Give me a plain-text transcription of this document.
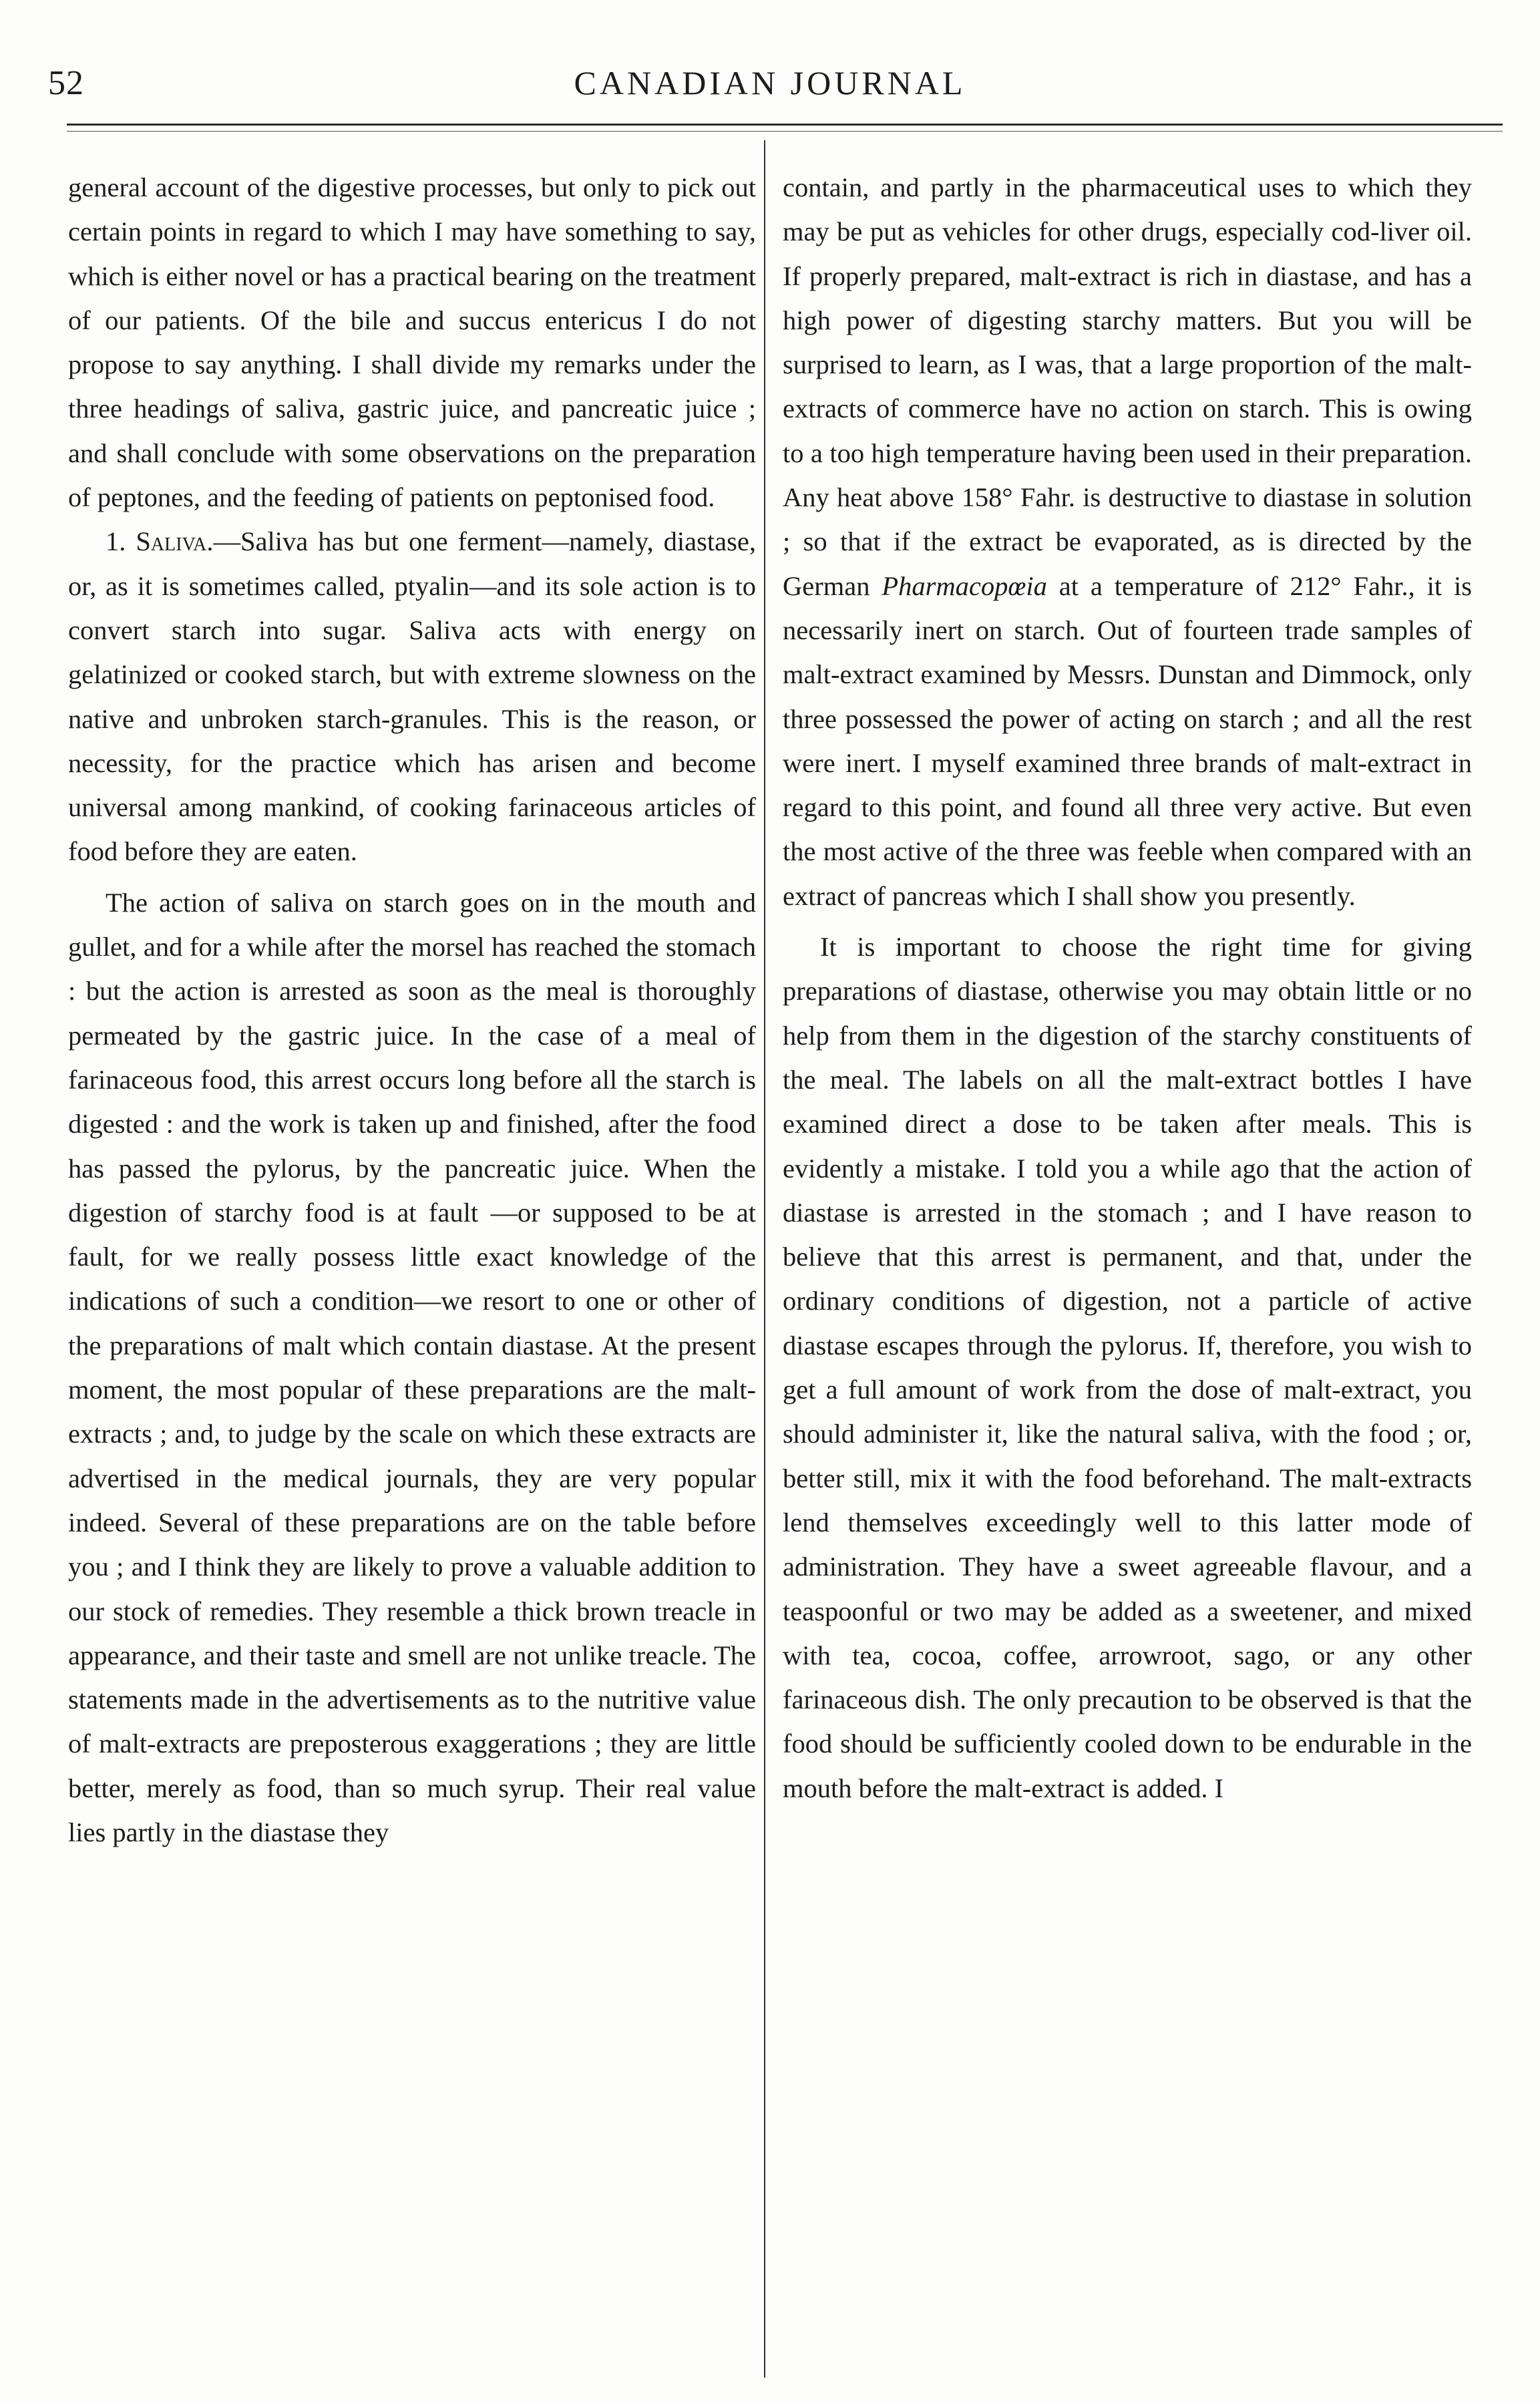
52	CANADIAN JOURNAL

general account of the digestive processes, but only to pick out certain points in regard to which I may have something to say, which is either novel or has a practical bearing on the treatment of our patients. Of the bile and succus entericus I do not propose to say anything. I shall divide my remarks under the three headings of saliva, gastric juice, and pancreatic juice ; and shall conclude with some observations on the preparation of peptones, and the feeding of patients on peptonised food.

1. Saliva.—Saliva has but one ferment—namely, diastase, or, as it is sometimes called, ptyalin—and its sole action is to convert starch into sugar. Saliva acts with energy on gelatinized or cooked starch, but with extreme slowness on the native and unbroken starch-granules. This is the reason, or necessity, for the practice which has arisen and become universal among mankind, of cooking farinaceous articles of food before they are eaten.

The action of saliva on starch goes on in the mouth and gullet, and for a while after the morsel has reached the stomach : but the action is arrested as soon as the meal is thoroughly permeated by the gastric juice. In the case of a meal of farinaceous food, this arrest occurs long before all the starch is digested : and the work is taken up and finished, after the food has passed the pylorus, by the pancreatic juice. When the digestion of starchy food is at fault —or supposed to be at fault, for we really possess little exact knowledge of the indications of such a condition—we resort to one or other of the preparations of malt which contain diastase. At the present moment, the most popular of these preparations are the malt-extracts ; and, to judge by the scale on which these extracts are advertised in the medical journals, they are very popular indeed. Several of these preparations are on the table before you ; and I think they are likely to prove a valuable addition to our stock of remedies. They resemble a thick brown treacle in appearance, and their taste and smell are not unlike treacle. The statements made in the advertisements as to the nutritive value of malt-extracts are preposterous exaggerations ; they are little better, merely as food, than so much syrup. Their real value lies partly in the diastase they

contain, and partly in the pharmaceutical uses to which they may be put as vehicles for other drugs, especially cod-liver oil. If properly prepared, malt-extract is rich in diastase, and has a high power of digesting starchy matters. But you will be surprised to learn, as I was, that a large proportion of the malt-extracts of commerce have no action on starch. This is owing to a too high temperature having been used in their preparation. Any heat above 158° Fahr. is destructive to diastase in solution ; so that if the extract be evaporated, as is directed by the German Pharmacopœia at a temperature of 212° Fahr., it is necessarily inert on starch. Out of fourteen trade samples of malt-extract examined by Messrs. Dunstan and Dimmock, only three possessed the power of acting on starch ; and all the rest were inert. I myself examined three brands of malt-extract in regard to this point, and found all three very active. But even the most active of the three was feeble when compared with an extract of pancreas which I shall show you presently.

It is important to choose the right time for giving preparations of diastase, otherwise you may obtain little or no help from them in the digestion of the starchy constituents of the meal. The labels on all the malt-extract bottles I have examined direct a dose to be taken after meals. This is evidently a mistake. I told you a while ago that the action of diastase is arrested in the stomach ; and I have reason to believe that this arrest is permanent, and that, under the ordinary conditions of digestion, not a particle of active diastase escapes through the pylorus. If, therefore, you wish to get a full amount of work from the dose of malt-extract, you should administer it, like the natural saliva, with the food ; or, better still, mix it with the food beforehand. The malt-extracts lend themselves exceedingly well to this latter mode of administration. They have a sweet agreeable flavour, and a teaspoonful or two may be added as a sweetener, and mixed with tea, cocoa, coffee, arrowroot, sago, or any other farinaceous dish. The only precaution to be observed is that the food should be sufficiently cooled down to be endurable in the mouth before the malt-extract is added. I
